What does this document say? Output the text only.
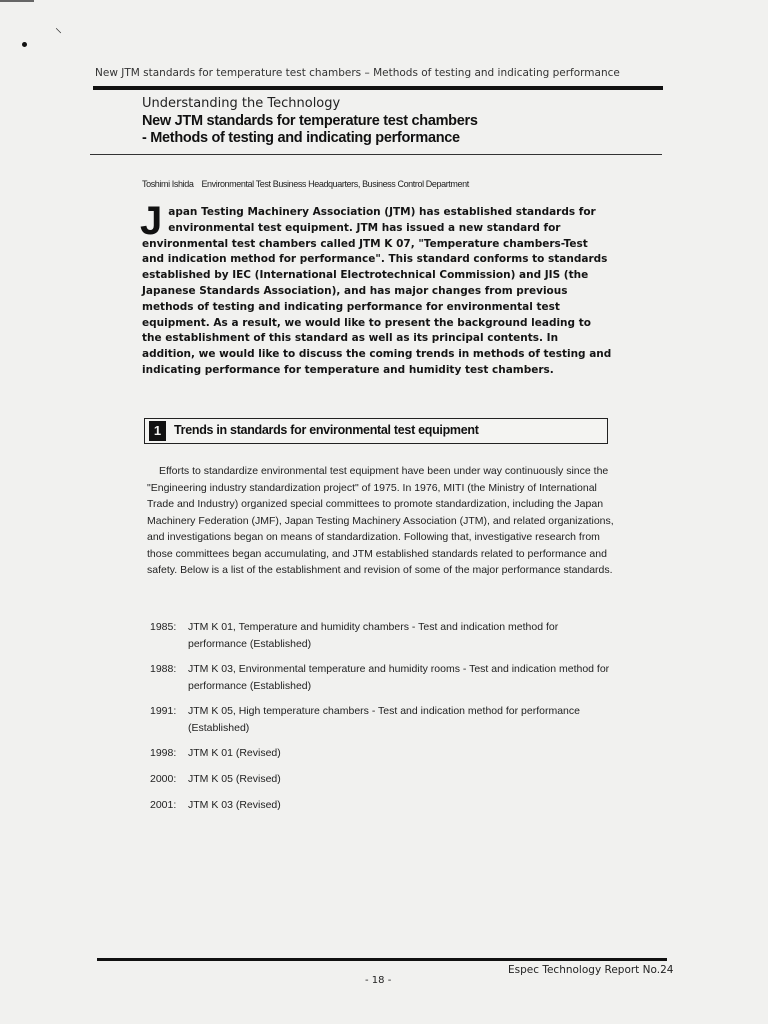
⸌
New JTM standards for temperature test chambers – Methods of testing and indicating performance
Understanding the Technology
New JTM standards for temperature test chambers
- Methods of testing and indicating performance
Toshimi Ishida Environmental Test Business Headquarters, Business Control Department
Japan Testing Machinery Association (JTM) has established standards for environmental test equipment. JTM has issued a new standard for environmental test chambers called JTM K 07, "Temperature chambers-Test and indication method for performance". This standard conforms to standards established by IEC (International Electrotechnical Commission) and JIS (the Japanese Standards Association), and has major changes from previous methods of testing and indicating performance for environmental test equipment. As a result, we would like to present the background leading to the establishment of this standard as well as its principal contents. In addition, we would like to discuss the coming trends in methods of testing and indicating performance for temperature and humidity test chambers.
1	Trends in standards for environmental test equipment

Efforts to standardize environmental test equipment have been under way continuously since the "Engineering industry standardization project" of 1975. In 1976, MITI (the Ministry of International Trade and Industry) organized special committees to promote standardization, including the Japan Machinery Federation (JMF), Japan Testing Machinery Association (JTM), and related organizations, and investigations began on means of standardization. Following that, investigative research from those committees began accumulating, and JTM established standards related to performance and safety. Below is a list of the establishment and revision of some of the major performance standards.

1985:	JTM K 01, Temperature and humidity chambers - Test and indication method for performance (Established)
1988:	JTM K 03, Environmental temperature and humidity rooms - Test and indication method for performance (Established)
1991:	JTM K 05, High temperature chambers - Test and indication method for performance (Established)
1998:	JTM K 01 (Revised)
2000:	JTM K 05 (Revised)
2001:	JTM K 03 (Revised)
Espec Technology Report No.24
- 18 -
